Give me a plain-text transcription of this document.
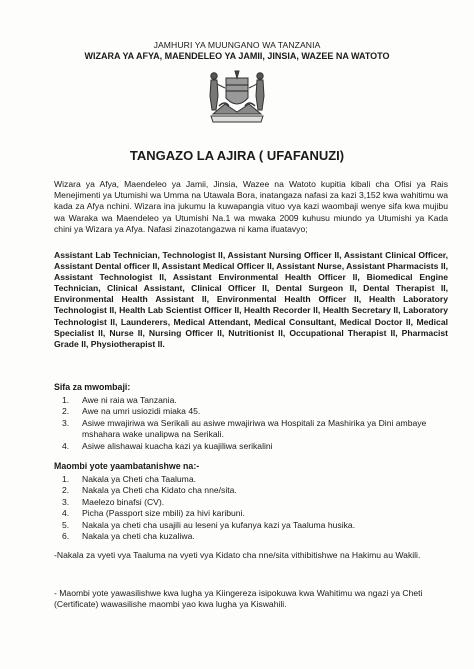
JAMHURI YA MUUNGANO WA TANZANIA
WIZARA YA AFYA, MAENDELEO YA JAMII, JINSIA, WAZEE NA WATOTO
TANGAZO LA AJIRA ( UFAFANUZI)
Wizara ya Afya, Maendeleo ya Jamii, Jinsia, Wazee na Watoto kupitia kibali cha Ofisi ya Rais Menejimenti ya Utumishi wa Umma na Utawala Bora, inatangaza nafasi za kazi 3,152 kwa wahitimu wa kada za Afya nchini. Wizara ina jukumu la kuwapangia vituo vya kazi waombaji wenye sifa kwa mujibu wa Waraka wa Maendeleo ya Utumishi Na.1 wa mwaka 2009 kuhusu miundo ya Utumishi ya Kada chini ya Wizara ya Afya. Nafasi zinazotangazwa ni kama ifuatavyo;
Assistant Lab Technician, Technologist II, Assistant Nursing Officer II, Assistant Clinical Officer, Assistant Dental officer II, Assistant Medical Officer II, Assistant Nurse, Assistant Pharmacists II, Assistant Technologist II, Assistant Environmental Health Officer II, Biomedical Engine Technician, Clinical Assistant, Clinical Officer II, Dental Surgeon II, Dental Therapist II, Environmental Health Assistant II, Environmental Health Officer II, Health Laboratory Technologist II, Health Lab Scientist Officer II, Health Recorder II, Health Secretary II, Laboratory Technologist II, Launderers, Medical Attendant, Medical Consultant, Medical Doctor II, Medical Specialist II, Nurse II, Nursing Officer II, Nutritionist II, Occupational Therapist II, Pharmacist Grade II, Physiotherapist II.
Sifa za mwombaji:
1.	Awe ni raia wa Tanzania.
2.	Awe na umri usiozidi miaka 45.
3.	Asiwe mwajiriwa wa Serikali au asiwe mwajiriwa wa Hospitali za Mashirika ya Dini ambaye mshahara wake unalipwa na Serikali.
4.	Asiwe alishawai kuacha kazi ya kuajiliwa serikalini
Maombi yote yaambatanishwe na:-
1.	Nakala ya Cheti cha Taaluma.
2.	Nakala ya Cheti cha Kidato cha nne/sita.
3.	Maelezo binafsi (CV).
4.	Picha (Passport size mbili) za hivi karibuni.
5.	Nakala ya cheti cha usajili au leseni ya kufanya kazi ya Taaluma husika.
6.	Nakala ya cheti cha kuzaliwa.
-Nakala za vyeti vya Taaluma na vyeti vya Kidato cha nne/sita vithibitishwe na Hakimu au Wakili.
- Maombi yote yawasilishwe kwa lugha ya Kiingereza isipokuwa kwa Wahitimu wa ngazi ya Cheti (Certificate) wawasilishe maombi yao kwa lugha ya Kiswahili.
